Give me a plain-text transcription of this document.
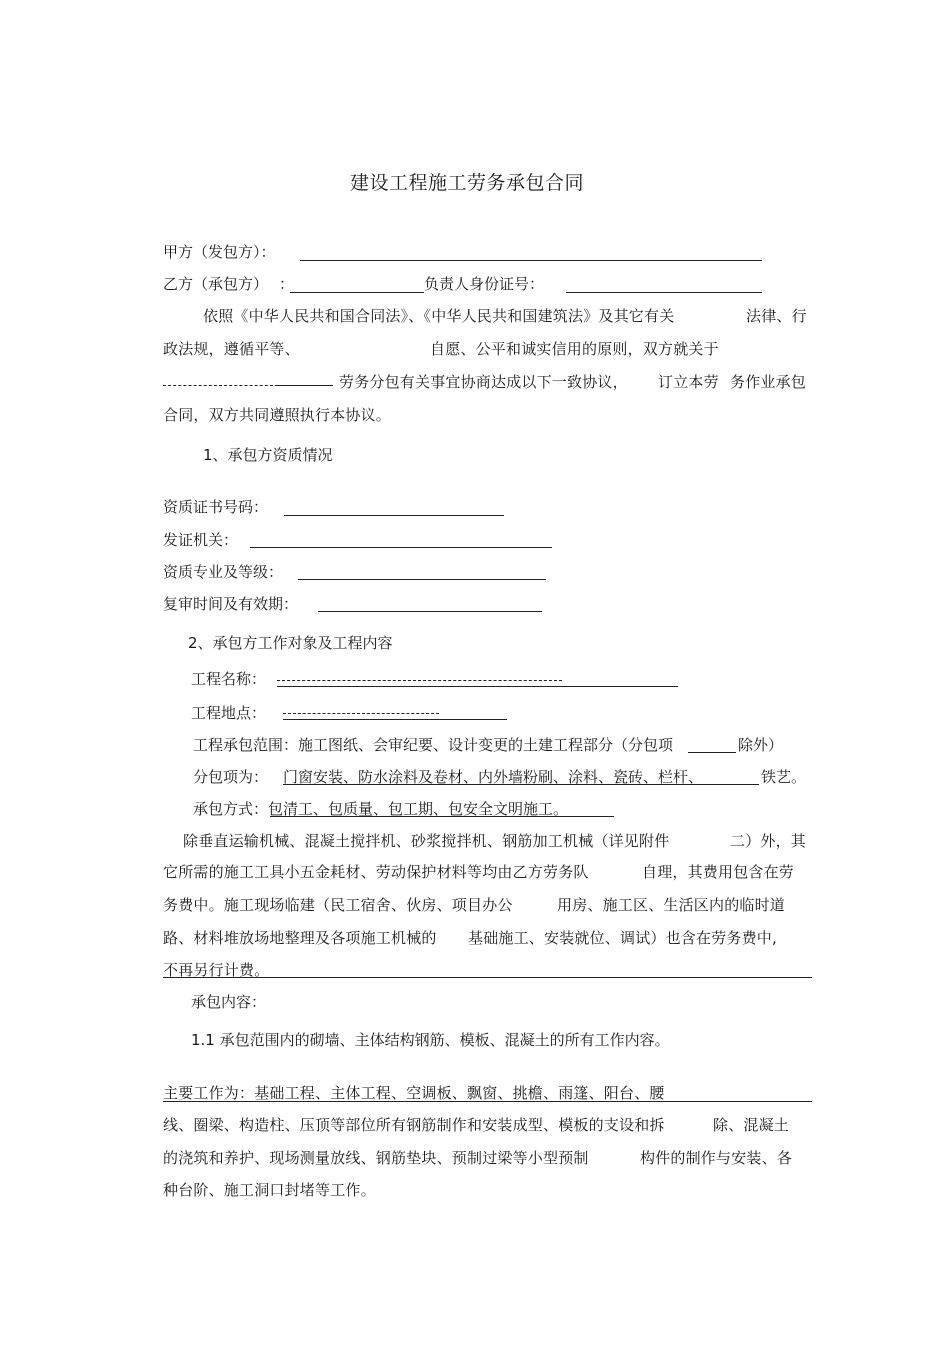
建设工程施工劳务承包合同
甲方（发包方）：
乙方（承包方） ：	负责人身份证号：
依照《中华人民共和国合同法》、《中华人民共和国建筑法》及其它有关	法律、行
政法规，遵循平等、	自愿、公平和诚实信用的原则，双方就关于
劳务分包有关事宜协商达成以下一致协议， 订立本劳 务作业承包
合同，双方共同遵照执行本协议。
1、承包方资质情况
资质证书号码：
发证机关：
资质专业及等级：
复审时间及有效期：
2、承包方工作对象及工程内容
工程名称：
工程地点：
工程承包范围：施工图纸、会审纪要、设计变更的土建工程部分（分包项	除外）
分包项为： 门窗安装、防水涂料及卷材、内外墙粉刷、涂料、瓷砖、栏杆、	铁艺。
承包方式：包清工、包质量、包工期、包安全文明施工。
除垂直运输机械、混凝土搅拌机、砂浆搅拌机、钢筋加工机械（详见附件	二）外，其
它所需的施工工具小五金耗材、劳动保护材料等均由乙方劳务队	自理，其费用包含在劳
务费中。施工现场临建（民工宿舍、伙房、项目办公	用房、施工区、生活区内的临时道
路、材料堆放场地整理及各项施工机械的 基础施工、安装就位、调试）也含在劳务费中,
不再另行计费。
承包内容：
1.1 承包范围内的砌墙、主体结构钢筋、模板、混凝土的所有工作内容。
主要工作为：基础工程、主体工程、空调板、飘窗、挑檐、雨篷、阳台、腰
线、圈梁、构造柱、压顶等部位所有钢筋制作和安装成型、模板的支设和拆	除、混凝土
的浇筑和养护、现场测量放线、钢筋垫块、预制过梁等小型预制	构件的制作与安装、各
种台阶、施工洞口封堵等工作。
